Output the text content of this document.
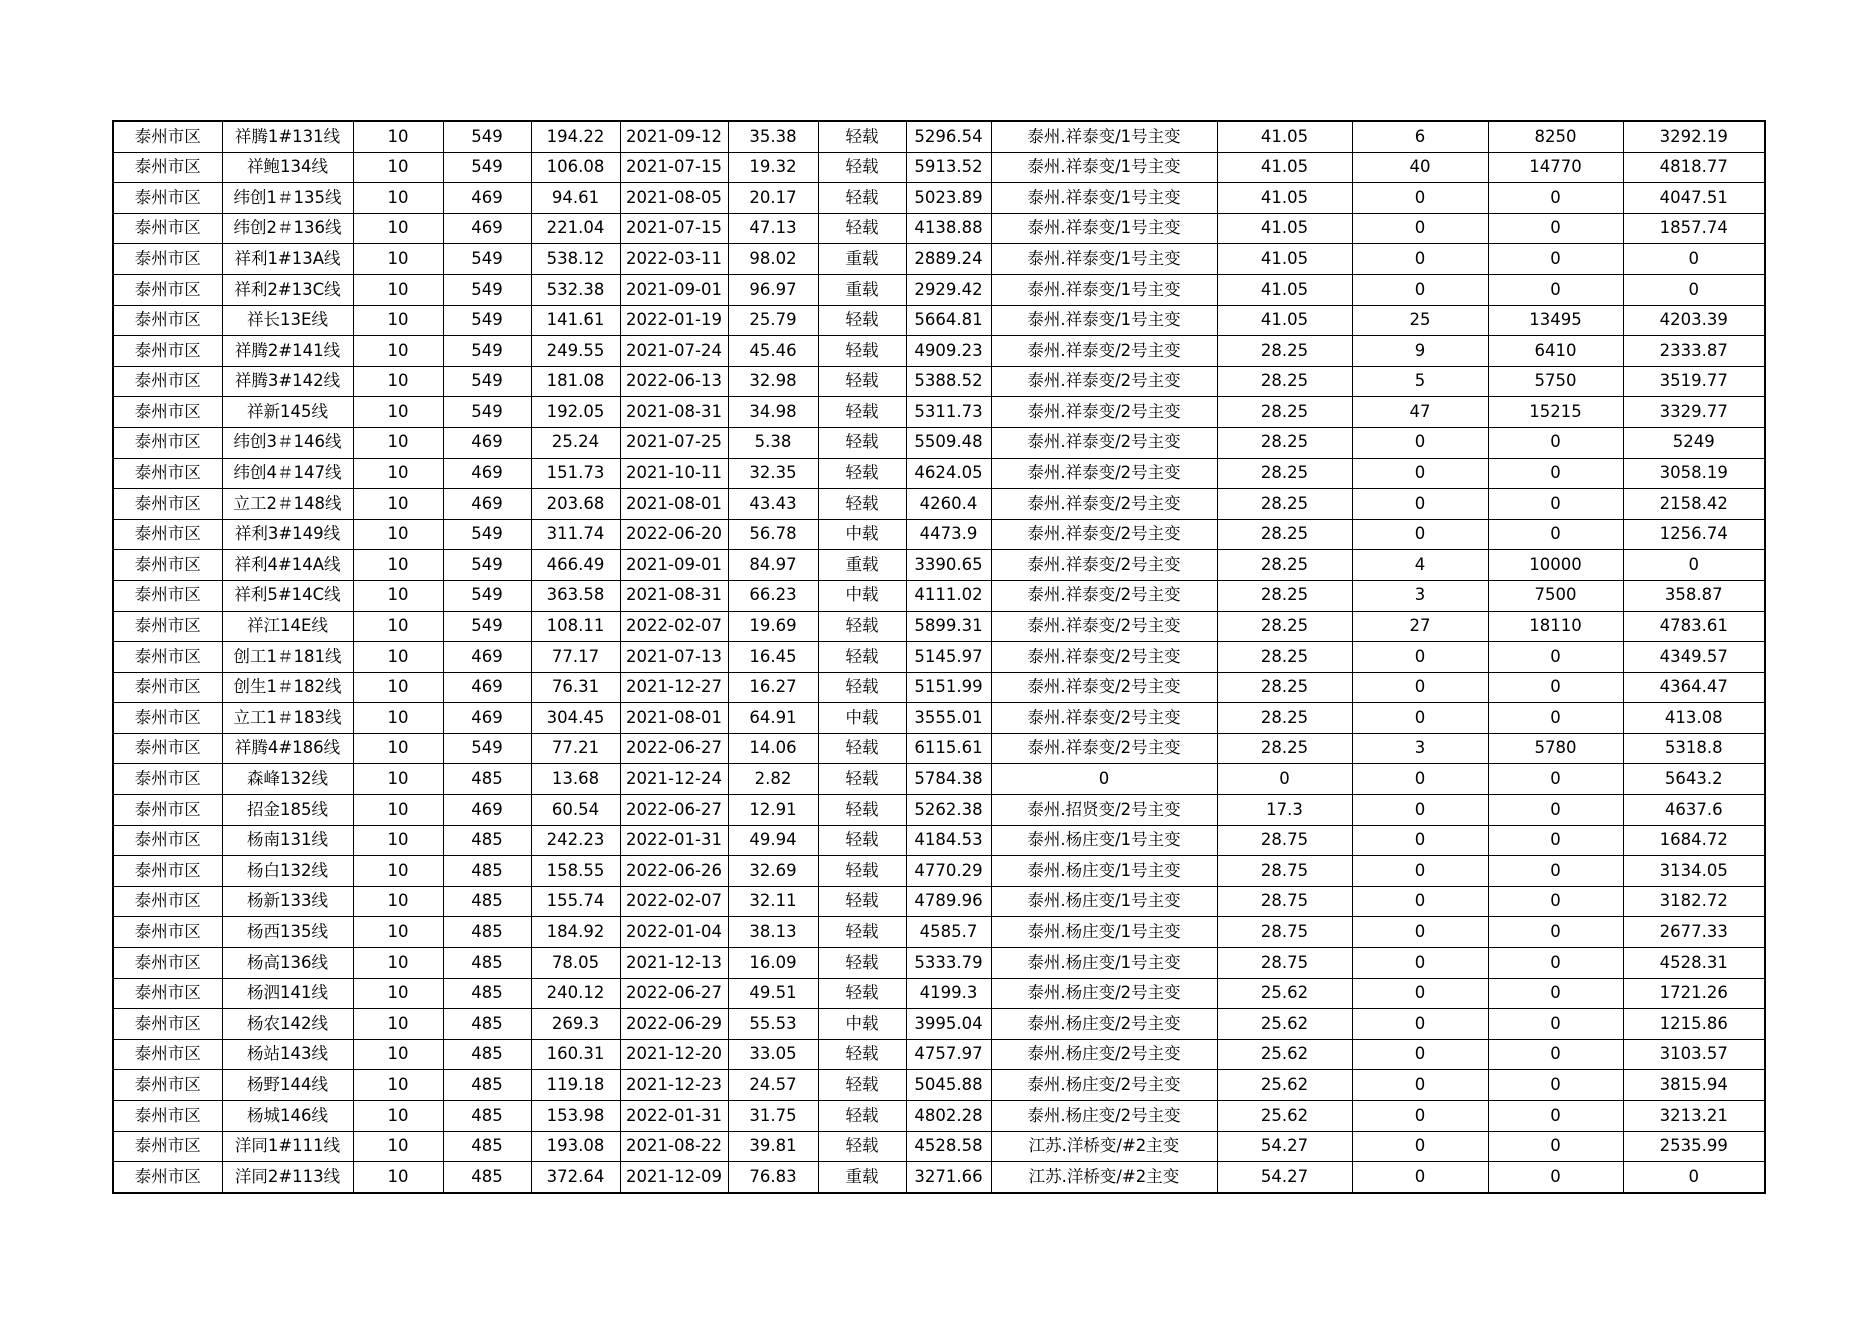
泰州市区	祥腾1#131线	10	549	194.22	2021-09-12	35.38	轻载	5296.54	泰州.祥泰变/1号主变	41.05	6	8250	3292.19
泰州市区	祥鲍134线	10	549	106.08	2021-07-15	19.32	轻载	5913.52	泰州.祥泰变/1号主变	41.05	40	14770	4818.77
泰州市区	纬创1＃135线	10	469	94.61	2021-08-05	20.17	轻载	5023.89	泰州.祥泰变/1号主变	41.05	0	0	4047.51
泰州市区	纬创2＃136线	10	469	221.04	2021-07-15	47.13	轻载	4138.88	泰州.祥泰变/1号主变	41.05	0	0	1857.74
泰州市区	祥利1#13A线	10	549	538.12	2022-03-11	98.02	重载	2889.24	泰州.祥泰变/1号主变	41.05	0	0	0
泰州市区	祥利2#13C线	10	549	532.38	2021-09-01	96.97	重载	2929.42	泰州.祥泰变/1号主变	41.05	0	0	0
泰州市区	祥长13E线	10	549	141.61	2022-01-19	25.79	轻载	5664.81	泰州.祥泰变/1号主变	41.05	25	13495	4203.39
泰州市区	祥腾2#141线	10	549	249.55	2021-07-24	45.46	轻载	4909.23	泰州.祥泰变/2号主变	28.25	9	6410	2333.87
泰州市区	祥腾3#142线	10	549	181.08	2022-06-13	32.98	轻载	5388.52	泰州.祥泰变/2号主变	28.25	5	5750	3519.77
泰州市区	祥新145线	10	549	192.05	2021-08-31	34.98	轻载	5311.73	泰州.祥泰变/2号主变	28.25	47	15215	3329.77
泰州市区	纬创3＃146线	10	469	25.24	2021-07-25	5.38	轻载	5509.48	泰州.祥泰变/2号主变	28.25	0	0	5249
泰州市区	纬创4＃147线	10	469	151.73	2021-10-11	32.35	轻载	4624.05	泰州.祥泰变/2号主变	28.25	0	0	3058.19
泰州市区	立工2＃148线	10	469	203.68	2021-08-01	43.43	轻载	4260.4	泰州.祥泰变/2号主变	28.25	0	0	2158.42
泰州市区	祥利3#149线	10	549	311.74	2022-06-20	56.78	中载	4473.9	泰州.祥泰变/2号主变	28.25	0	0	1256.74
泰州市区	祥利4#14A线	10	549	466.49	2021-09-01	84.97	重载	3390.65	泰州.祥泰变/2号主变	28.25	4	10000	0
泰州市区	祥利5#14C线	10	549	363.58	2021-08-31	66.23	中载	4111.02	泰州.祥泰变/2号主变	28.25	3	7500	358.87
泰州市区	祥江14E线	10	549	108.11	2022-02-07	19.69	轻载	5899.31	泰州.祥泰变/2号主变	28.25	27	18110	4783.61
泰州市区	创工1＃181线	10	469	77.17	2021-07-13	16.45	轻载	5145.97	泰州.祥泰变/2号主变	28.25	0	0	4349.57
泰州市区	创生1＃182线	10	469	76.31	2021-12-27	16.27	轻载	5151.99	泰州.祥泰变/2号主变	28.25	0	0	4364.47
泰州市区	立工1＃183线	10	469	304.45	2021-08-01	64.91	中载	3555.01	泰州.祥泰变/2号主变	28.25	0	0	413.08
泰州市区	祥腾4#186线	10	549	77.21	2022-06-27	14.06	轻载	6115.61	泰州.祥泰变/2号主变	28.25	3	5780	5318.8
泰州市区	森峰132线	10	485	13.68	2021-12-24	2.82	轻载	5784.38	0	0	0	0	5643.2
泰州市区	招金185线	10	469	60.54	2022-06-27	12.91	轻载	5262.38	泰州.招贤变/2号主变	17.3	0	0	4637.6
泰州市区	杨南131线	10	485	242.23	2022-01-31	49.94	轻载	4184.53	泰州.杨庄变/1号主变	28.75	0	0	1684.72
泰州市区	杨白132线	10	485	158.55	2022-06-26	32.69	轻载	4770.29	泰州.杨庄变/1号主变	28.75	0	0	3134.05
泰州市区	杨新133线	10	485	155.74	2022-02-07	32.11	轻载	4789.96	泰州.杨庄变/1号主变	28.75	0	0	3182.72
泰州市区	杨西135线	10	485	184.92	2022-01-04	38.13	轻载	4585.7	泰州.杨庄变/1号主变	28.75	0	0	2677.33
泰州市区	杨高136线	10	485	78.05	2021-12-13	16.09	轻载	5333.79	泰州.杨庄变/1号主变	28.75	0	0	4528.31
泰州市区	杨泗141线	10	485	240.12	2022-06-27	49.51	轻载	4199.3	泰州.杨庄变/2号主变	25.62	0	0	1721.26
泰州市区	杨农142线	10	485	269.3	2022-06-29	55.53	中载	3995.04	泰州.杨庄变/2号主变	25.62	0	0	1215.86
泰州市区	杨站143线	10	485	160.31	2021-12-20	33.05	轻载	4757.97	泰州.杨庄变/2号主变	25.62	0	0	3103.57
泰州市区	杨野144线	10	485	119.18	2021-12-23	24.57	轻载	5045.88	泰州.杨庄变/2号主变	25.62	0	0	3815.94
泰州市区	杨城146线	10	485	153.98	2022-01-31	31.75	轻载	4802.28	泰州.杨庄变/2号主变	25.62	0	0	3213.21
泰州市区	洋同1#111线	10	485	193.08	2021-08-22	39.81	轻载	4528.58	江苏.洋桥变/#2主变	54.27	0	0	2535.99
泰州市区	洋同2#113线	10	485	372.64	2021-12-09	76.83	重载	3271.66	江苏.洋桥变/#2主变	54.27	0	0	0
